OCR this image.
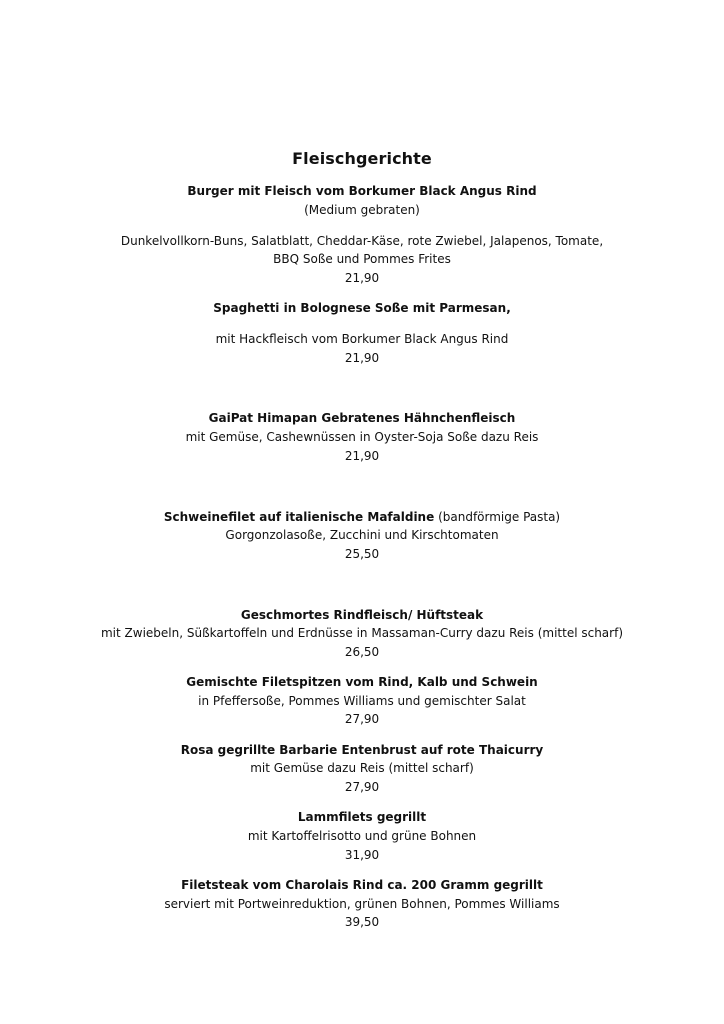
Fleischgerichte
Burger mit Fleisch vom Borkumer Black Angus Rind
(Medium gebraten)
Dunkelvollkorn-Buns, Salatblatt, Cheddar-Käse, rote Zwiebel, Jalapenos, Tomate,
BBQ Soße und Pommes Frites
21,90
Spaghetti in Bolognese Soße mit Parmesan,
mit Hackfleisch vom Borkumer Black Angus Rind
21,90
GaiPat Himapan Gebratenes Hähnchenfleisch
mit Gemüse, Cashewnüssen in Oyster-Soja Soße dazu Reis
21,90
Schweinefilet auf italienische Mafaldine (bandförmige Pasta)
Gorgonzolasoße, Zucchini und Kirschtomaten
25,50
Geschmortes Rindfleisch/ Hüftsteak
mit Zwiebeln, Süßkartoffeln und Erdnüsse in Massaman-Curry dazu Reis (mittel scharf)
26,50
Gemischte Filetspitzen vom Rind, Kalb und Schwein
in Pfeffersoße, Pommes Williams und gemischter Salat
27,90
Rosa gegrillte Barbarie Entenbrust auf rote Thaicurry
mit Gemüse dazu Reis (mittel scharf)
27,90
Lammfilets gegrillt
mit Kartoffelrisotto und grüne Bohnen
31,90
Filetsteak vom Charolais Rind ca. 200 Gramm gegrillt
serviert mit Portweinreduktion, grünen Bohnen, Pommes Williams
39,50
